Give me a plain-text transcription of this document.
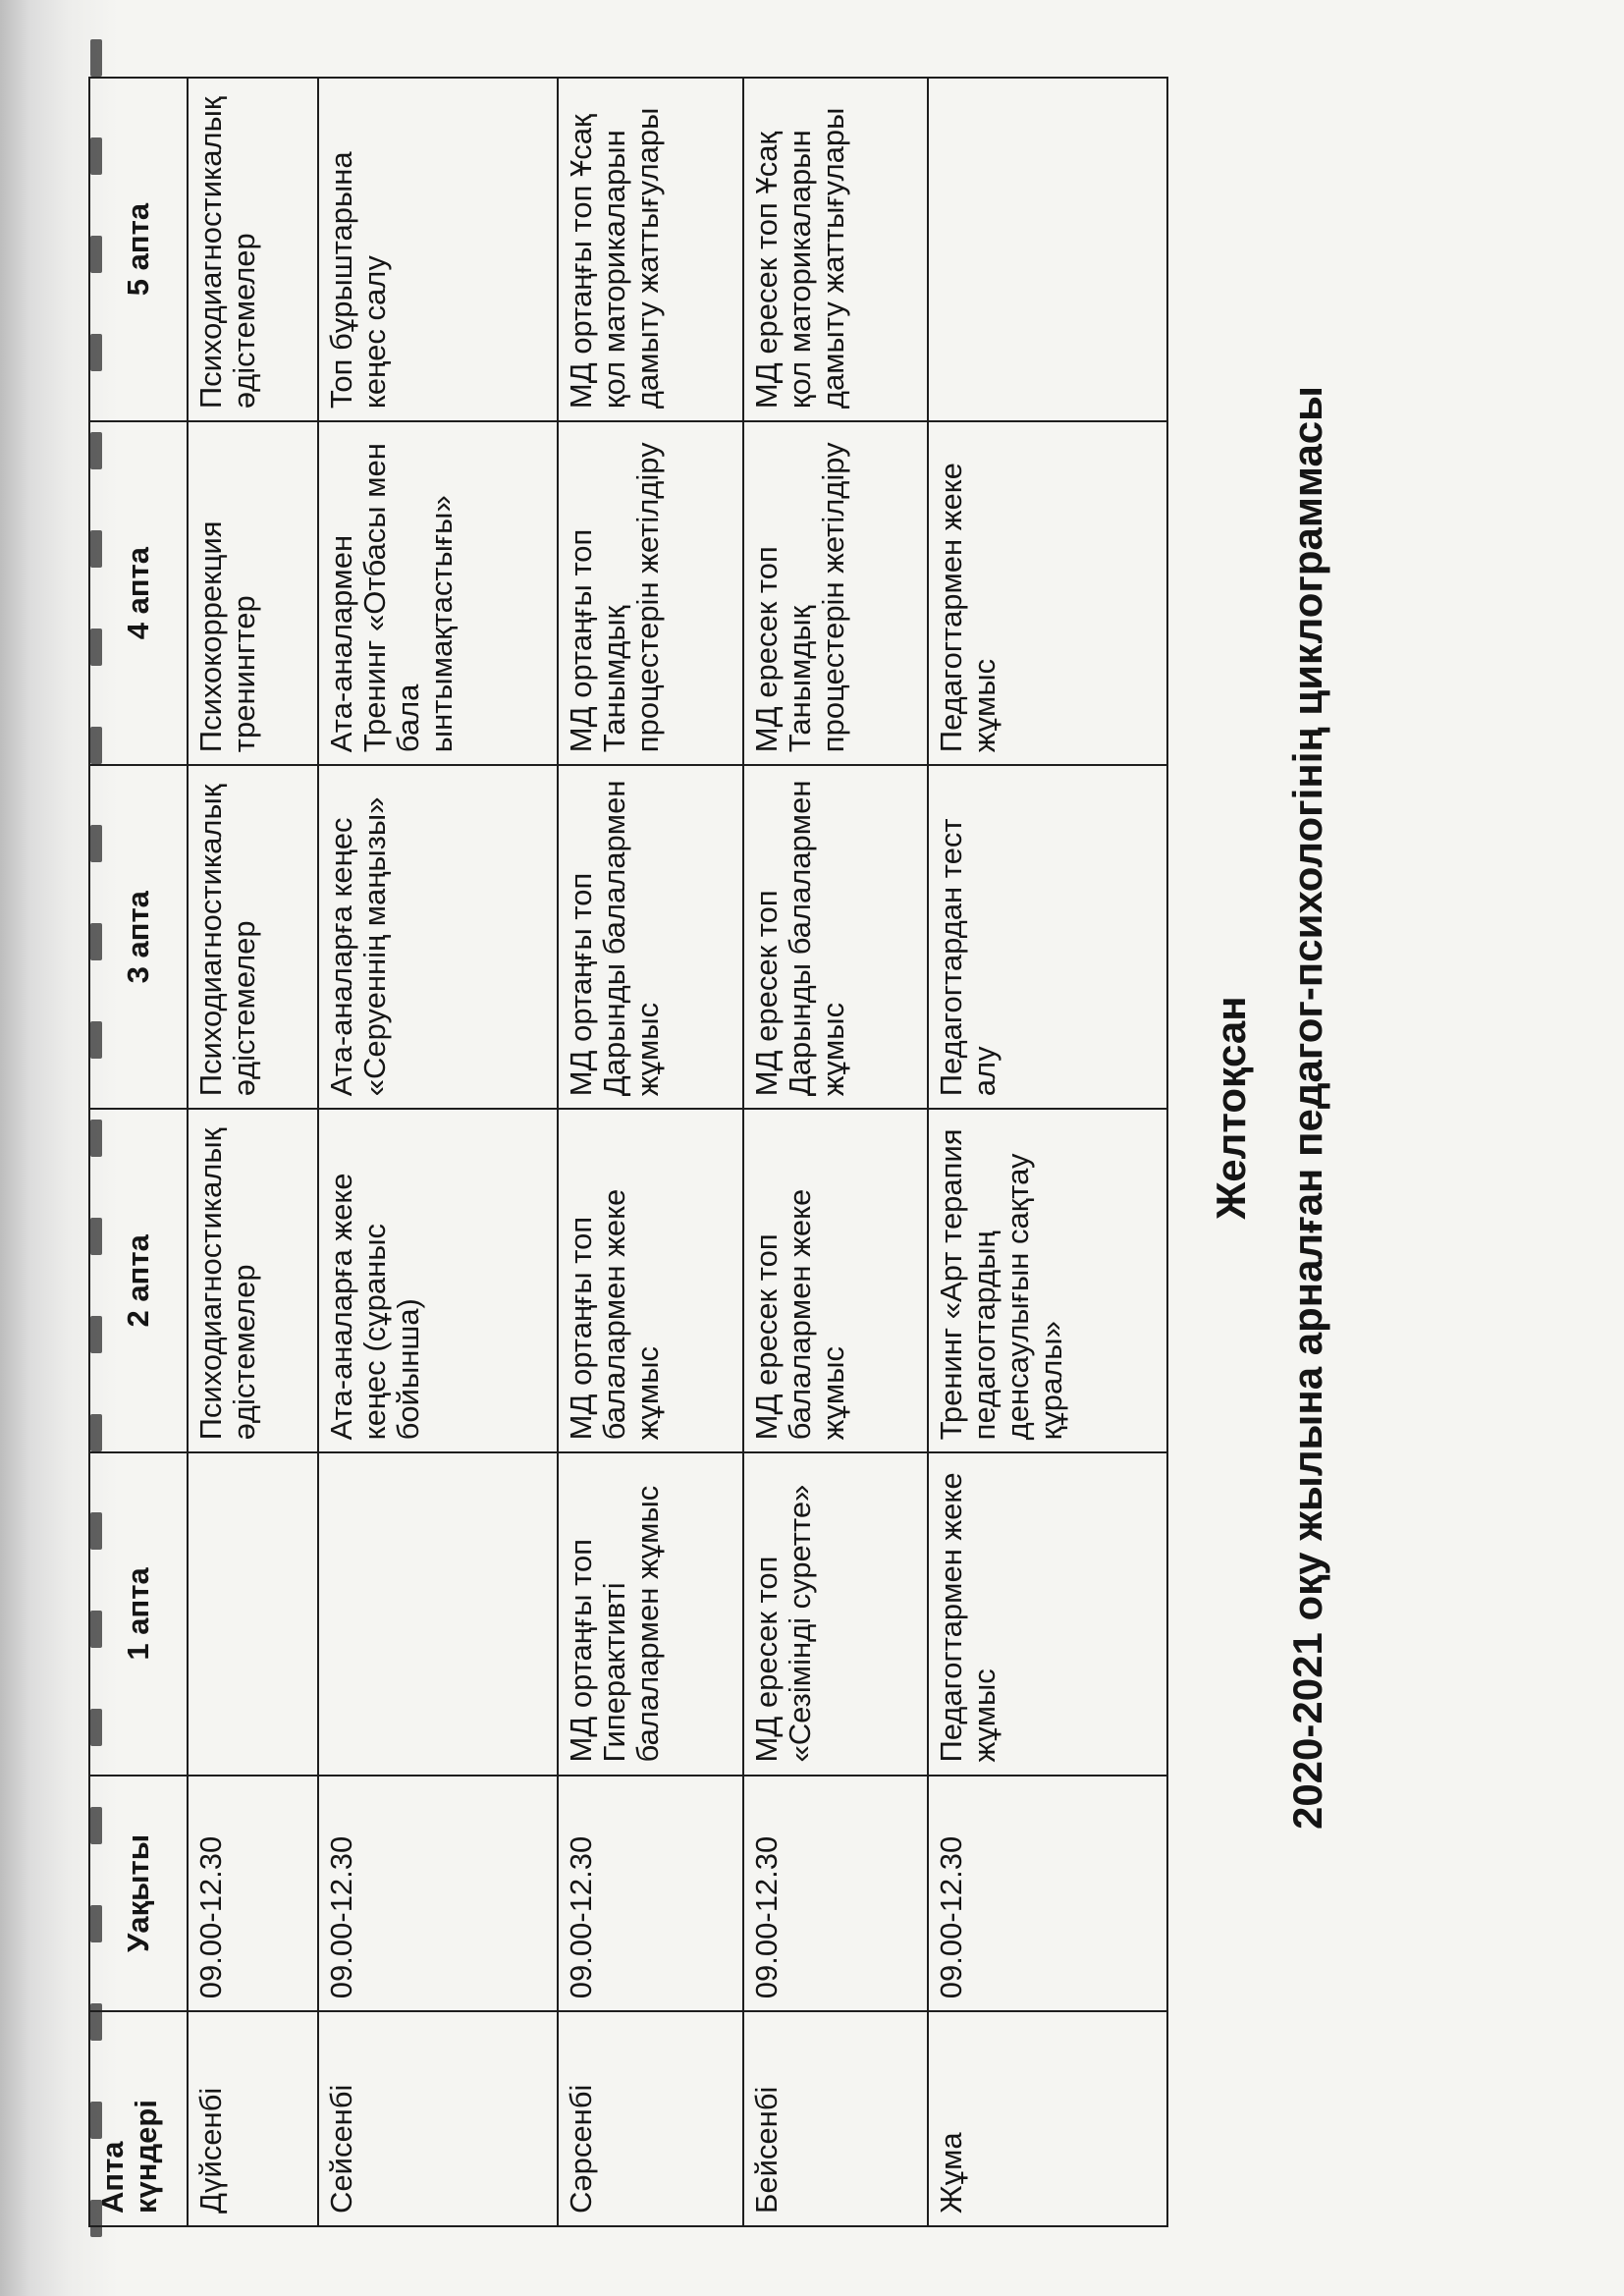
2020-2021 оқу жылына арналған педагог-психологінің циклограммасы
Желтоқсан
Апта күндері	Уақыты	1 апта	2 апта	3 апта	4 апта	5 апта
Дүйсенбі	09.00-12.30		Психодиагностикалық әдістемелер	Психодиагностикалық әдістемелер	Психокоррекция тренингтер	Психодиагностикалық әдістемелер
Сейсенбі	09.00-12.30		Ата-аналарға жеке кеңес (сұраныс бойынша)	Ата-аналарға кеңес «Серуеннің маңызы»	Ата-аналармен Тренинг «Отбасы мен бала ынтымақтастығы»	Топ бұрыштарына кеңес салу
Сәрсенбі	09.00-12.30	МД ортаңғы топ Гиперактивті балалармен жұмыс	МД ортаңғы топ балалармен жеке жұмыс	МД ортаңғы топ Дарынды балалармен жұмыс	МД ортаңғы топ Танымдық процестерін жетілдіру	МД ортаңғы топ Ұсақ қол маторикаларын дамыту жаттығулары
Бейсенбі	09.00-12.30	МД ересек топ «Сезімінді суретте»	МД ересек топ балалармен жеке жұмыс	МД ересек топ Дарынды балалармен жұмыс	МД ересек топ Танымдық процестерін жетілдіру	МД ересек топ Ұсақ қол маторикаларын дамыту жаттығулары
Жұма	09.00-12.30	Педагогтармен жеке жұмыс	Тренинг «Арт терапия педагогтардың денсаулығын сақтау құралы»	Педагогтардан тест алу	Педагогтармен жеке жұмыс	
